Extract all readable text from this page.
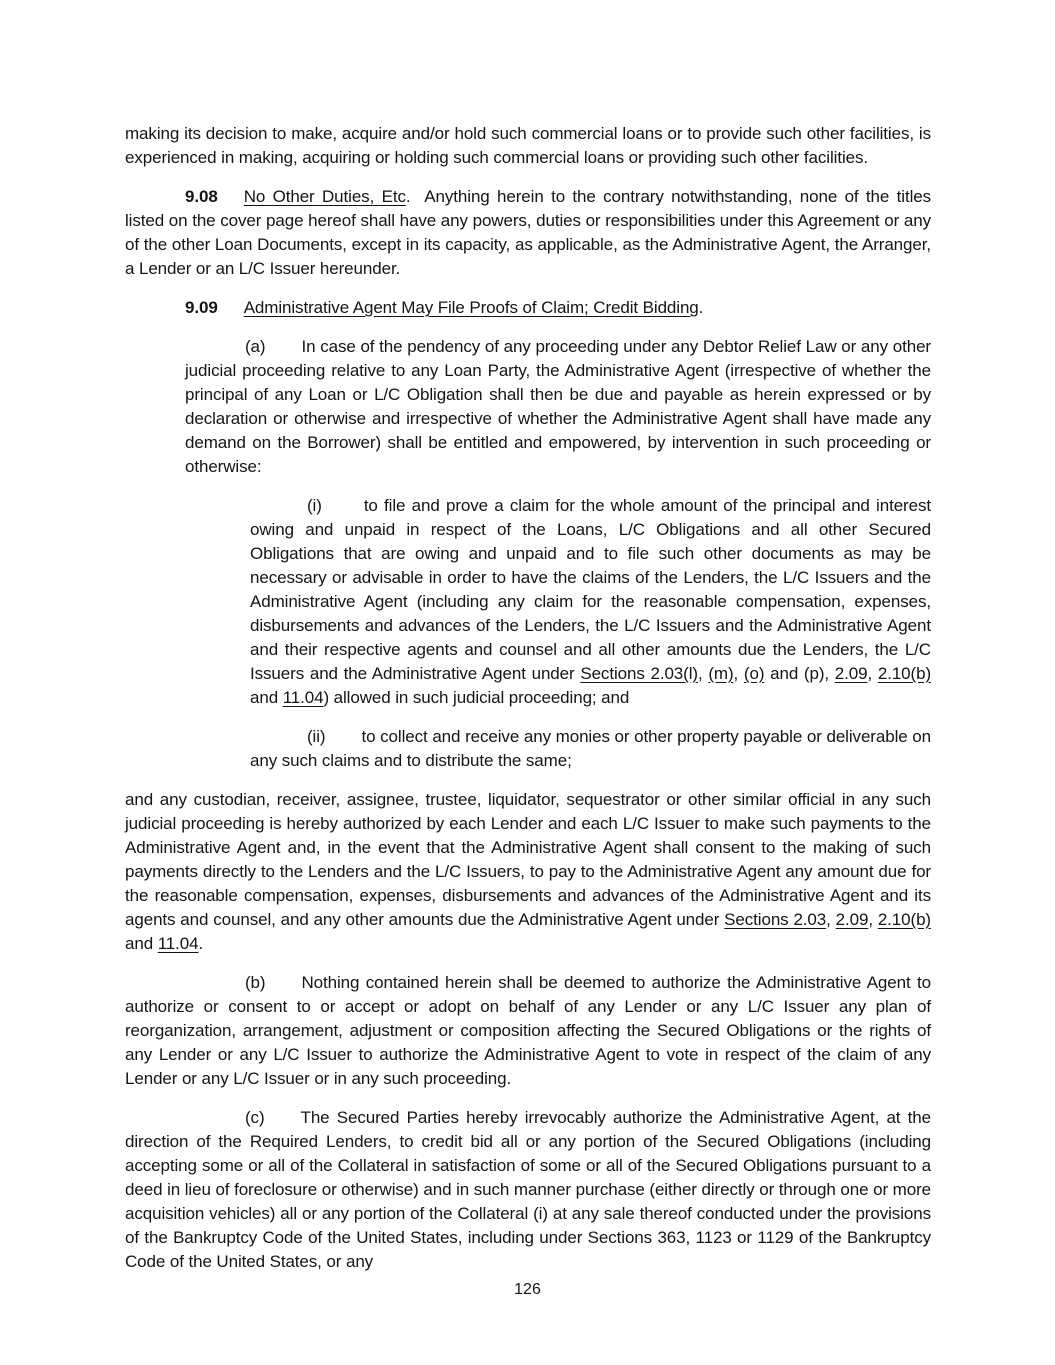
making its decision to make, acquire and/or hold such commercial loans or to provide such other facilities, is experienced in making, acquiring or holding such commercial loans or providing such other facilities.

9.08 No Other Duties, Etc.  Anything herein to the contrary notwithstanding, none of the titles listed on the cover page hereof shall have any powers, duties or responsibilities under this Agreement or any of the other Loan Documents, except in its capacity, as applicable, as the Administrative Agent, the Arranger, a Lender or an L/C Issuer hereunder.

9.09 Administrative Agent May File Proofs of Claim; Credit Bidding.

(a) In case of the pendency of any proceeding under any Debtor Relief Law or any other judicial proceeding relative to any Loan Party, the Administrative Agent (irrespective of whether the principal of any Loan or L/C Obligation shall then be due and payable as herein expressed or by declaration or otherwise and irrespective of whether the Administrative Agent shall have made any demand on the Borrower) shall be entitled and empowered, by intervention in such proceeding or otherwise:

(i) to file and prove a claim for the whole amount of the principal and interest owing and unpaid in respect of the Loans, L/C Obligations and all other Secured Obligations that are owing and unpaid and to file such other documents as may be necessary or advisable in order to have the claims of the Lenders, the L/C Issuers and the Administrative Agent (including any claim for the reasonable compensation, expenses, disbursements and advances of the Lenders, the L/C Issuers and the Administrative Agent and their respective agents and counsel and all other amounts due the Lenders, the L/C Issuers and the Administrative Agent under Sections 2.03(l), (m), (o) and (p), 2.09, 2.10(b) and 11.04) allowed in such judicial proceeding; and

(ii) to collect and receive any monies or other property payable or deliverable on any such claims and to distribute the same;

and any custodian, receiver, assignee, trustee, liquidator, sequestrator or other similar official in any such judicial proceeding is hereby authorized by each Lender and each L/C Issuer to make such payments to the Administrative Agent and, in the event that the Administrative Agent shall consent to the making of such payments directly to the Lenders and the L/C Issuers, to pay to the Administrative Agent any amount due for the reasonable compensation, expenses, disbursements and advances of the Administrative Agent and its agents and counsel, and any other amounts due the Administrative Agent under Sections 2.03, 2.09, 2.10(b) and 11.04.

(b) Nothing contained herein shall be deemed to authorize the Administrative Agent to authorize or consent to or accept or adopt on behalf of any Lender or any L/C Issuer any plan of reorganization, arrangement, adjustment or composition affecting the Secured Obligations or the rights of any Lender or any L/C Issuer to authorize the Administrative Agent to vote in respect of the claim of any Lender or any L/C Issuer or in any such proceeding.

(c) The Secured Parties hereby irrevocably authorize the Administrative Agent, at the direction of the Required Lenders, to credit bid all or any portion of the Secured Obligations (including accepting some or all of the Collateral in satisfaction of some or all of the Secured Obligations pursuant to a deed in lieu of foreclosure or otherwise) and in such manner purchase (either directly or through one or more acquisition vehicles) all or any portion of the Collateral (i) at any sale thereof conducted under the provisions of the Bankruptcy Code of the United States, including under Sections 363, 1123 or 1129 of the Bankruptcy Code of the United States, or any

126
